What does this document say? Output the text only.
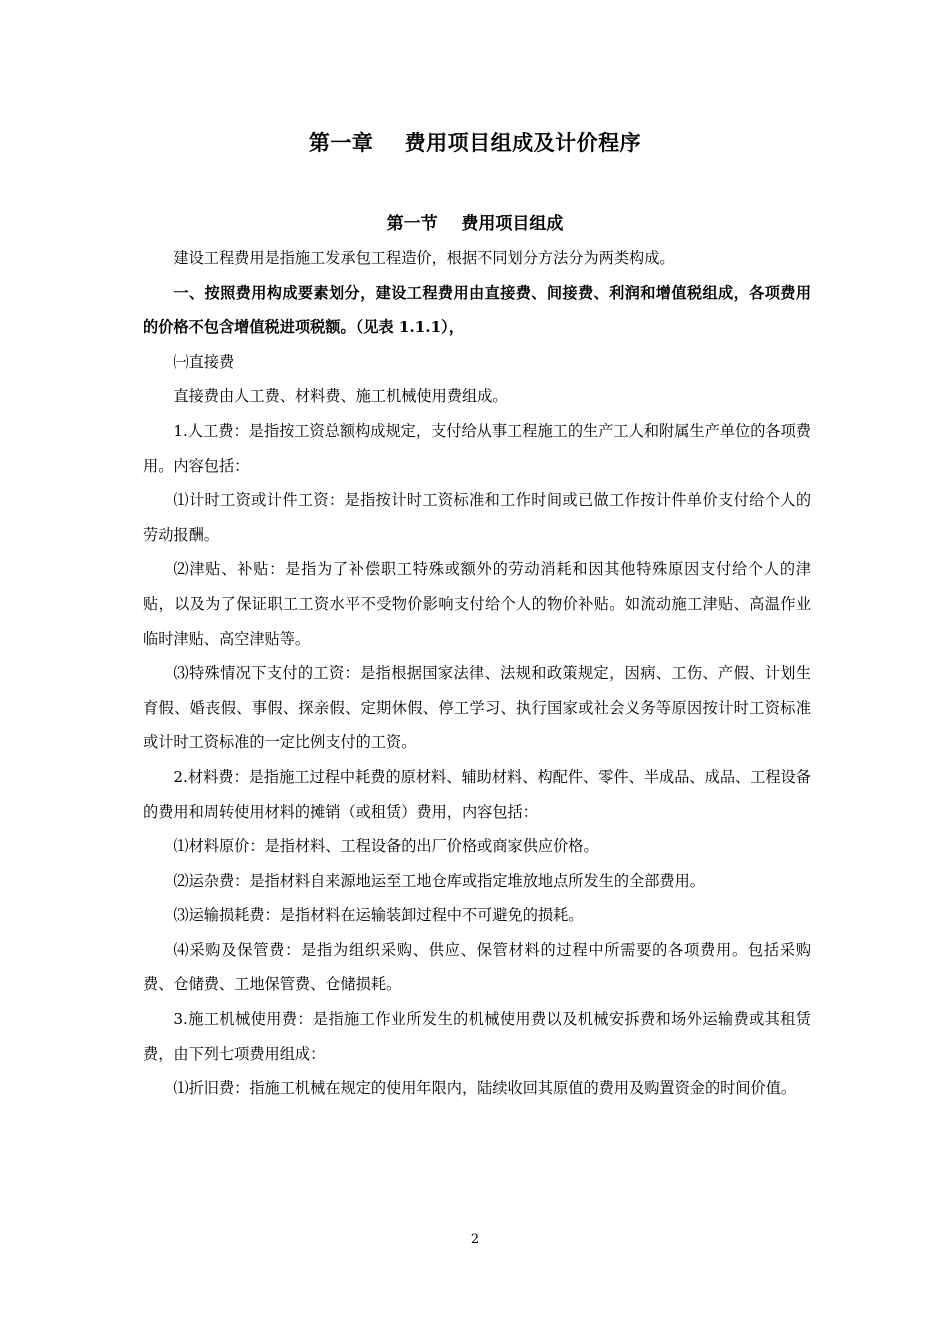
第一章    费用项目组成及计价程序
第一节    费用项目组成

建设工程费用是指施工发承包工程造价，根据不同划分方法分为两类构成。

一、按照费用构成要素划分，建设工程费用由直接费、间接费、利润和增值税组成，各项费用的价格不包含增值税进项税额。（见表 1.1.1），

㈠直接费

直接费由人工费、材料费、施工机械使用费组成。

1.人工费：是指按工资总额构成规定，支付给从事工程施工的生产工人和附属生产单位的各项费用。内容包括：

⑴计时工资或计件工资：是指按计时工资标准和工作时间或已做工作按计件单价支付给个人的劳动报酬。

⑵津贴、补贴：是指为了补偿职工特殊或额外的劳动消耗和因其他特殊原因支付给个人的津贴，以及为了保证职工工资水平不受物价影响支付给个人的物价补贴。如流动施工津贴、高温作业临时津贴、高空津贴等。

⑶特殊情况下支付的工资：是指根据国家法律、法规和政策规定，因病、工伤、产假、计划生育假、婚丧假、事假、探亲假、定期休假、停工学习、执行国家或社会义务等原因按计时工资标准或计时工资标准的一定比例支付的工资。

2.材料费：是指施工过程中耗费的原材料、辅助材料、构配件、零件、半成品、成品、工程设备的费用和周转使用材料的摊销（或租赁）费用，内容包括：

⑴材料原价：是指材料、工程设备的出厂价格或商家供应价格。

⑵运杂费：是指材料自来源地运至工地仓库或指定堆放地点所发生的全部费用。

⑶运输损耗费：是指材料在运输装卸过程中不可避免的损耗。

⑷采购及保管费：是指为组织采购、供应、保管材料的过程中所需要的各项费用。包括采购费、仓储费、工地保管费、仓储损耗。

3.施工机械使用费：是指施工作业所发生的机械使用费以及机械安拆费和场外运输费或其租赁费，由下列七项费用组成：

⑴折旧费：指施工机械在规定的使用年限内，陆续收回其原值的费用及购置资金的时间价值。

2
